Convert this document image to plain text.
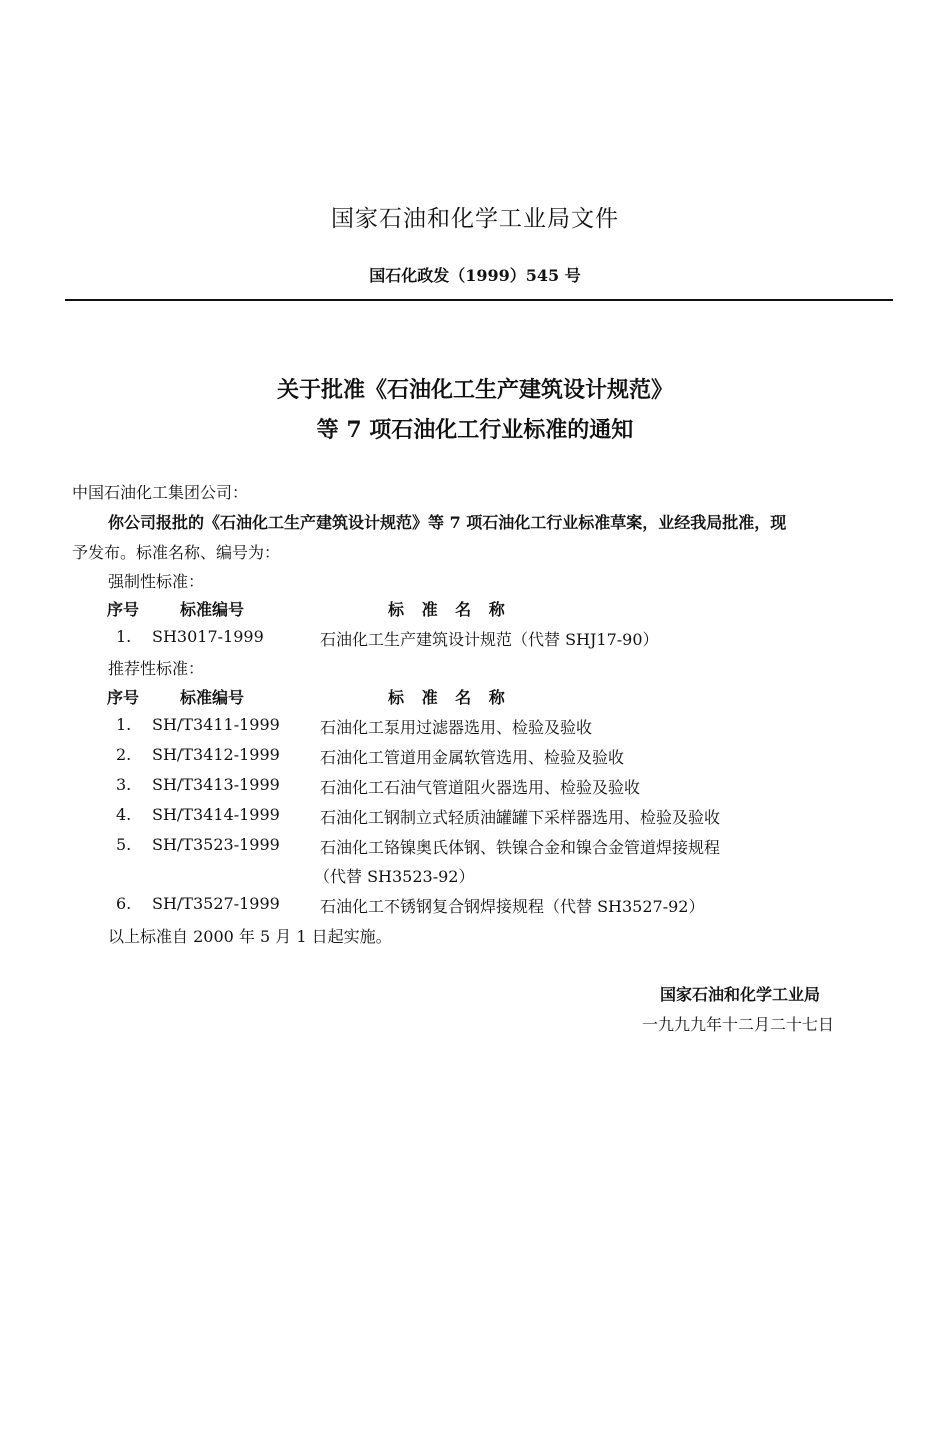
国家石油和化学工业局文件
国石化政发（1999）545 号
关于批准《石油化工生产建筑设计规范》
等 7 项石油化工行业标准的通知
中国石油化工集团公司：
你公司报批的《石油化工生产建筑设计规范》等 7 项石油化工行业标准草案，业经我局批准，现
予发布。标准名称、编号为：
强制性标准：
序号	标准编号	标 准 名 称
1. SH3017-1999	石油化工生产建筑设计规范（代替 SHJ17-90）
推荐性标准：
序号	标准编号	标 准 名 称
1. SH/T3411-1999	石油化工泵用过滤器选用、检验及验收
2. SH/T3412-1999	石油化工管道用金属软管选用、检验及验收
3. SH/T3413-1999	石油化工石油气管道阻火器选用、检验及验收
4. SH/T3414-1999	石油化工钢制立式轻质油罐罐下采样器选用、检验及验收
5. SH/T3523-1999	石油化工铬镍奥氏体钢、铁镍合金和镍合金管道焊接规程
（代替 SH3523-92）
6. SH/T3527-1999	石油化工不锈钢复合钢焊接规程（代替 SH3527-92）
以上标准自 2000 年 5 月 1 日起实施。
国家石油和化学工业局
一九九九年十二月二十七日
